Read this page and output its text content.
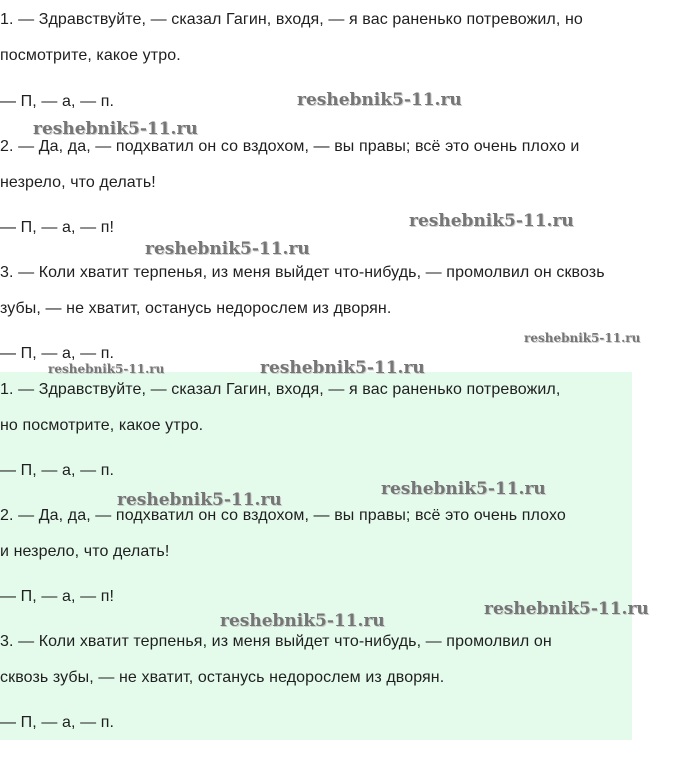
1. — Здравствуйте, — сказал Гагин, входя, — я вас раненько потревожил, но
посмотрите, какое утро.
— П, — а, — п.
2. — Да, да, — подхватил он со вздохом, — вы правы; всё это очень плохо и
незрело, что делать!
— П, — а, — п!
3. — Коли хватит терпенья, из меня выйдет что-нибудь, — промолвил он сквозь
зубы, — не хватит, останусь недорослем из дворян.
— П, — а, — п.
1. — Здравствуйте, — сказал Гагин, входя, — я вас раненько потревожил,
но посмотрите, какое утро.
— П, — а, — п.
2. — Да, да, — подхватил он со вздохом, — вы правы; всё это очень плохо
и незрело, что делать!
— П, — а, — п!
3. — Коли хватит терпенья, из меня выйдет что-нибудь, — промолвил он
сквозь зубы, — не хватит, останусь недорослем из дворян.
— П, — а, — п.
reshebnik5-11.ru
reshebnik5-11.ru
reshebnik5-11.ru
reshebnik5-11.ru
reshebnik5-11.ru
reshebnik5-11.ru	reshebnik5-11.ru
reshebnik5-11.ru
reshebnik5-11.ru
reshebnik5-11.ru
reshebnik5-11.ru
